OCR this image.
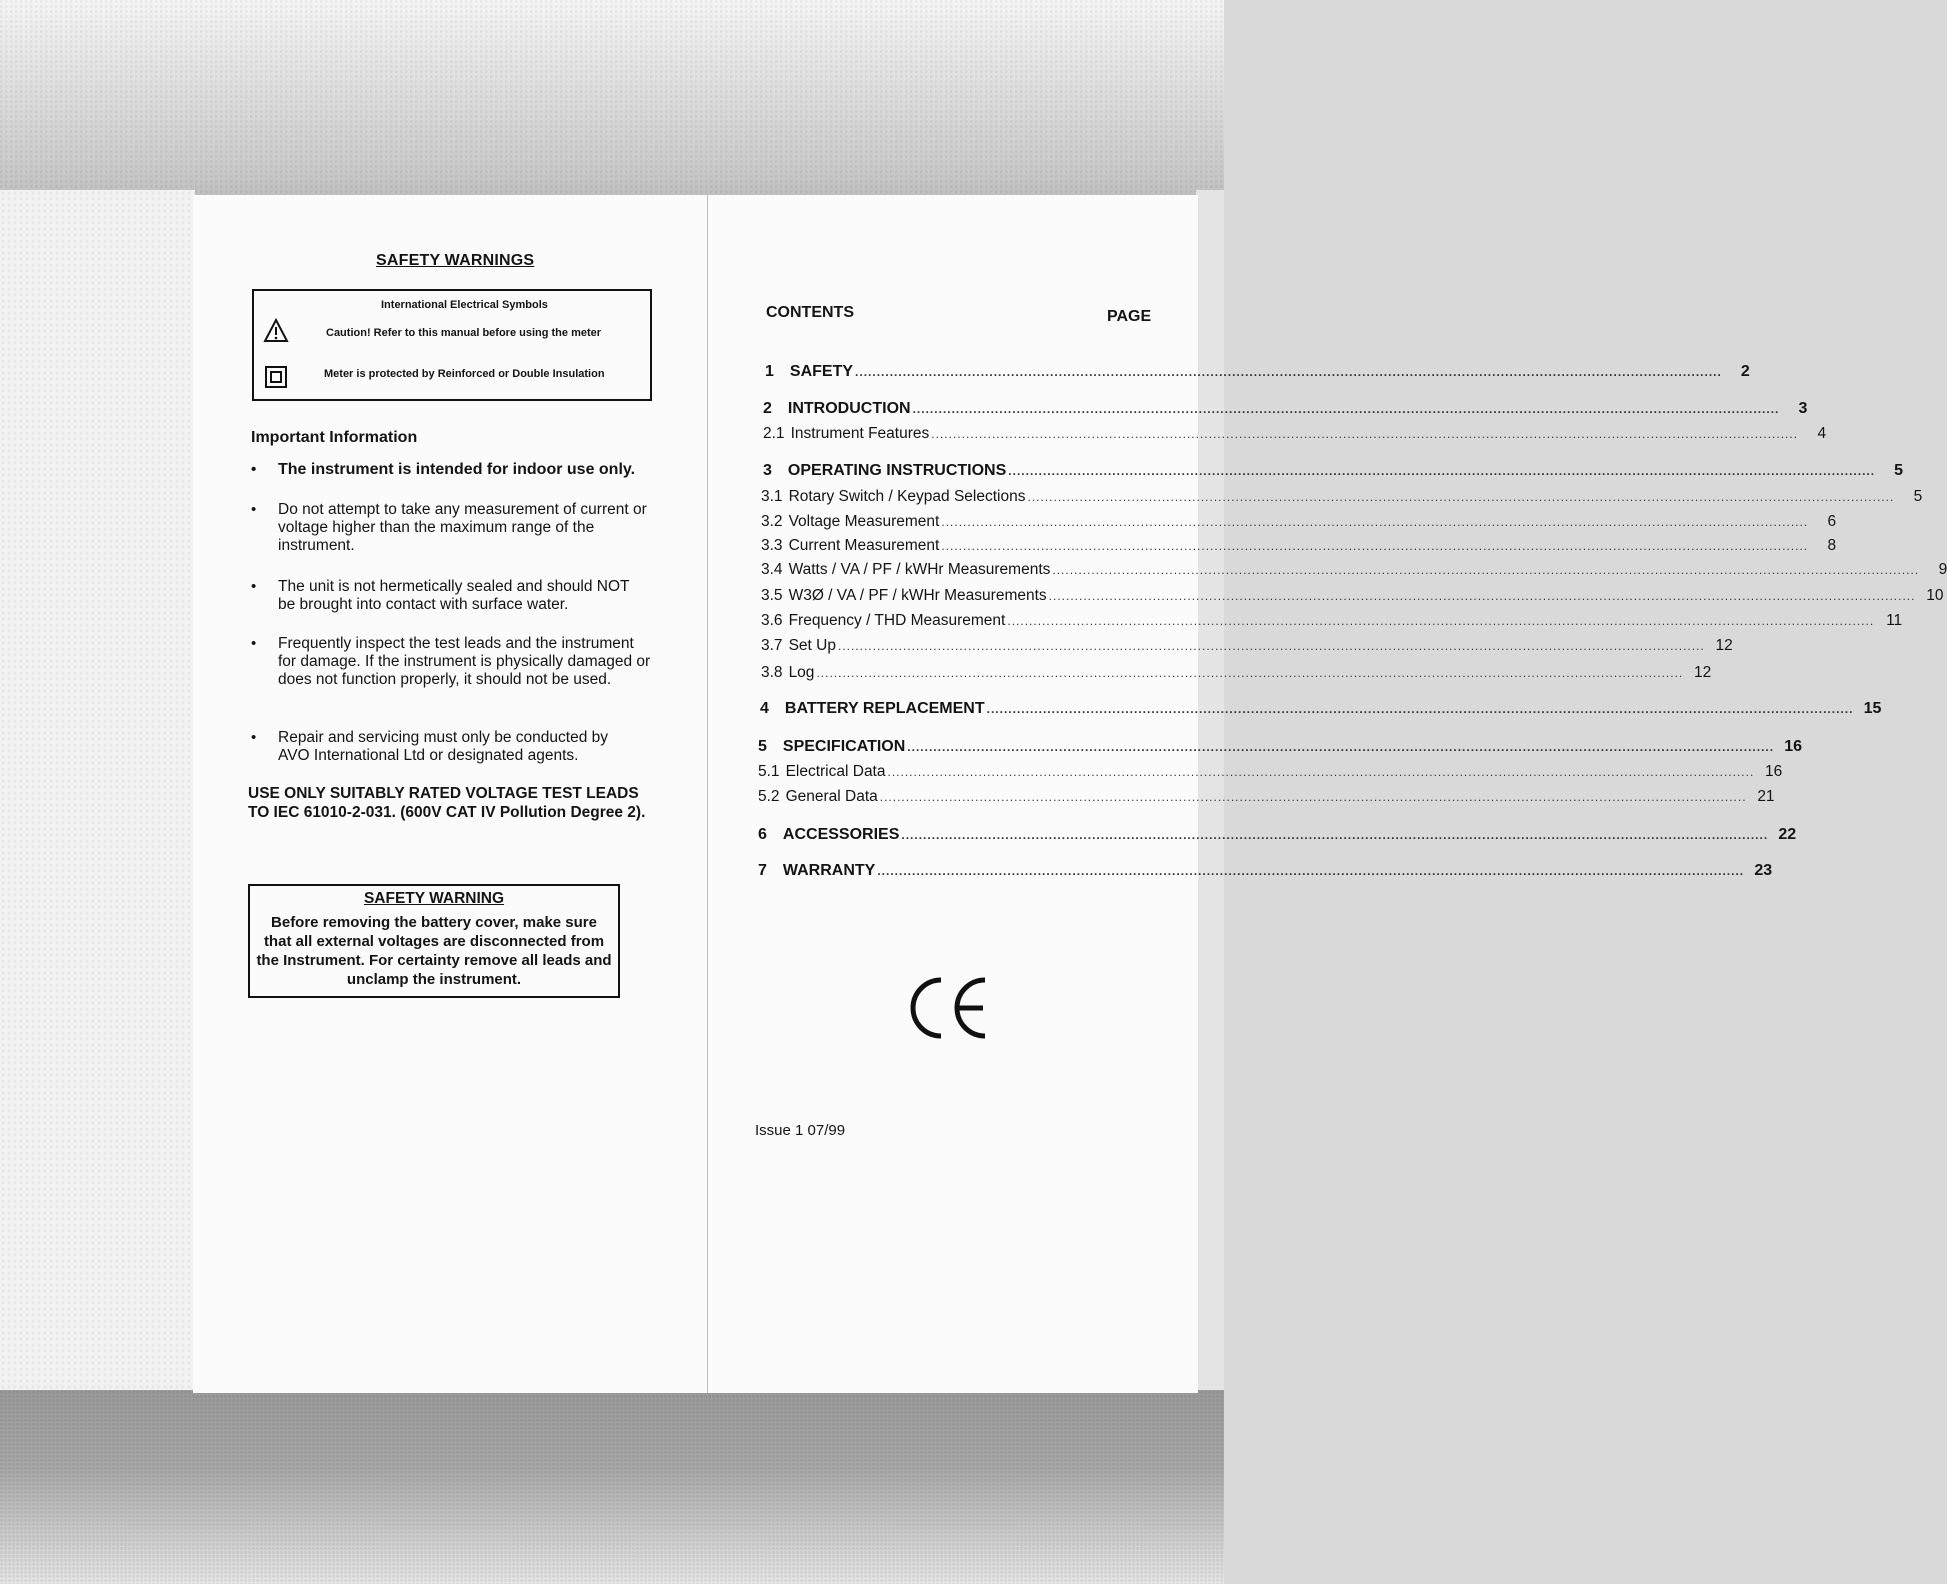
SAFETY WARNINGS
International Electrical Symbols
Caution! Refer to this manual before using the meter
Meter is protected by Reinforced or Double Insulation
Important Information
• The instrument is intended for indoor use only.
• Do not attempt to take any measurement of current or voltage higher than the maximum range of the instrument.
• The unit is not hermetically sealed and should NOT be brought into contact with surface water.
• Frequently inspect the test leads and the instrument for damage. If the instrument is physically damaged or does not function properly, it should not be used.
• Repair and servicing must only be conducted by AVO International Ltd or designated agents.
USE ONLY SUITABLY RATED VOLTAGE TEST LEADS TO IEC 61010-2-031. (600V CAT IV Pollution Degree 2).
SAFETY WARNING
Before removing the battery cover, make sure that all external voltages are disconnected from the Instrument. For certainty remove all leads and unclamp the instrument.
CONTENTS	PAGE
1 SAFETY ........................................................................................................................................................................................................	2
2 INTRODUCTION ........................................................................................................................................................................................................	3
2.1 Instrument Features ........................................................................................................................................................................................................	4
3 OPERATING INSTRUCTIONS ........................................................................................................................................................................................................	5
3.1 Rotary Switch / Keypad Selections ........................................................................................................................................................................................................	5
3.2 Voltage Measurement ........................................................................................................................................................................................................	6
3.3 Current Measurement ........................................................................................................................................................................................................	8
3.4 Watts / VA / PF / kWHr Measurements ........................................................................................................................................................................................................	9
3.5 W3Ø / VA / PF / kWHr Measurements ........................................................................................................................................................................................................ 10
3.6 Frequency / THD Measurement ........................................................................................................................................................................................................ 11
3.7 Set Up ........................................................................................................................................................................................................ 12
3.8 Log ........................................................................................................................................................................................................ 12
4 BATTERY REPLACEMENT ........................................................................................................................................................................................................ 15
5 SPECIFICATION ........................................................................................................................................................................................................ 16
5.1 Electrical Data ........................................................................................................................................................................................................ 16
5.2 General Data ........................................................................................................................................................................................................ 21
6 ACCESSORIES ........................................................................................................................................................................................................ 22
7 WARRANTY ........................................................................................................................................................................................................ 23
Issue 1 07/99
